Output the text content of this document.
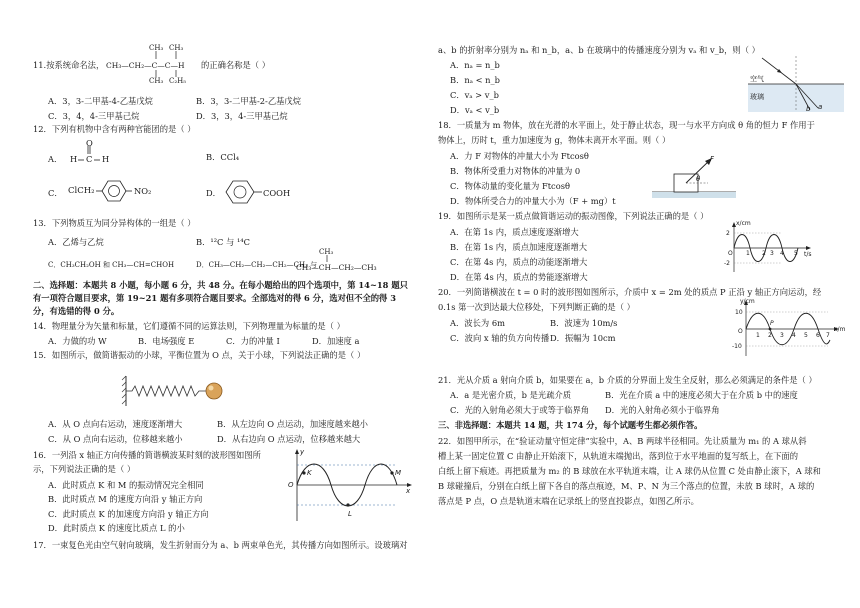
11.按系统命名法，
CH₃ CH₃
CH₃—CH₂—C—C—H
CH₃ C₂H₅
的正确名称是（ ）
A．3，3-二甲基-4-乙基戊烷	B．3，3-二甲基-2-乙基戊烷
C．3，4，4-三甲基己烷	D．3，3，4-三甲基己烷
12．下列有机物中含有两种官能团的是（ ）
A．
O
H C H	B．CCl₄
C． ClCH₂	NO₂	D．	COOH
13．下列物质互为同分异构体的一组是（ ）
A．乙烯与乙烷	B．¹²C 与 ¹⁴C
C．CH₃CH₂OH 和 CH₃—CH=CHOH	D．CH₃—CH₂—CH₂—CH₂—CH₃ 与
CH₃
CH₃—CH—CH₂—CH₃
二、选择题：本题共 8 小题，每小题 6 分，共 48 分。在每小题给出的四个选项中，第 14~18 题只
有一项符合题目要求，第 19~21 题有多项符合题目要求。全部选对的得 6 分，选对但不全的得 3
分，有选错的得 0 分。
14．物理量分为矢量和标量，它们遵循不同的运算法则，下列物理量为标量的是（ ）
A．力做的功 W	B．电场强度 E	C．力的冲量 I	D．加速度 a
15．如图所示，做简谐振动的小球，平衡位置为 O 点，关于小球，下列说法正确的是（ ）
A．从 O 点向右运动，速度逐渐增大	B．从左边向 O 点运动，加速度越来越小
C．从 O 点向右运动，位移越来越小	D．从右边向 O 点运动，位移越来越大
16．一列沿 x 轴正方向传播的简谐横波某时刻的波形图如图所
示，下列说法正确的是（ ）
A．此时质点 K 和 M 的振动情况完全相同
B．此时质点 M 的速度方向沿 y 轴正方向
C．此时质点 K 的加速度方向沿 y 轴正方向
D．此时质点 K 的速度比质点 L 的小
y
x
O
K
L
M
17．一束复色光由空气射向玻璃，发生折射而分为 a、b 两束单色光，其传播方向如图所示。设玻璃对
a、b 的折射率分别为 nₐ 和 n_b，a、b 在玻璃中的传播速度分别为 vₐ 和 v_b，则（ ）
A．nₐ = n_b
B．nₐ < n_b
C．vₐ > v_b
D．vₐ < v_b
空气
玻璃
a
b
18．一质量为 m 物体，放在光滑的水平面上，处于静止状态，现一与水平方向成 θ 角的恒力 F 作用于
物体上，历时 t，重力加速度为 g，物体未离开水平面。则（ ）
A．力 F 对物体的冲量大小为 Ftcosθ
B．物体所受重力对物体的冲量为 0
C．物体动量的变化量为 Ftcosθ
D．物体所受合力的冲量大小为（F + mg）t
F
θ
19．如图所示是某一质点做简谐运动的振动图像，下列说法正确的是（ ）
A．在第 1s 内，质点速度逐渐增大
B．在第 1s 内，质点加速度逐渐增大
C．在第 4s 内，质点的动能逐渐增大
D．在第 4s 内，质点的势能逐渐增大
x/cm
t/s
2
-2
O 1 2 3 4 5
20．一列简谐横波在 t = 0 时的波形图如图所示，介质中 x = 2m 处的质点 P 正沿 y 轴正方向运动，经
0.1s 第一次到达最大位移处，下列判断正确的是（ ）
A．波长为 6m	B．波速为 10m/s
C．波向 x 轴的负方向传播 D．振幅为 10cm
y/cm
x/m
10
-10
O
P
1 2 3 4 5 6 7
21．光从介质 a 射向介质 b，如果要在 a，b 介质的分界面上发生全反射，那么必须满足的条件是（ ）
A．a 是光密介质，b 是光疏介质	B．光在介质 a 中的速度必须大于在介质 b 中的速度
C．光的入射角必须大于或等于临界角 D．光的入射角必须小于临界角
三、非选择题：本题共 14 题，共 174 分，每个试题考生都必须作答。
22．如图甲所示，在“验证动量守恒定律”实验中，A、B 两球半径相同。先让质量为 m₁ 的 A 球从斜
槽上某一固定位置 C 由静止开始滚下，从轨道末端抛出，落到位于水平地面的复写纸上，在下面的
白纸上留下痕迹。再把质量为 m₂ 的 B 球放在水平轨道末端，让 A 球仍从位置 C 处由静止滚下，A 球和
B 球碰撞后，分别在白纸上留下各自的落点痕迹，M、P、N 为三个落点的位置，未放 B 球时，A 球的
落点是 P 点，O 点是轨道末端在记录纸上的竖直投影点，如图乙所示。
